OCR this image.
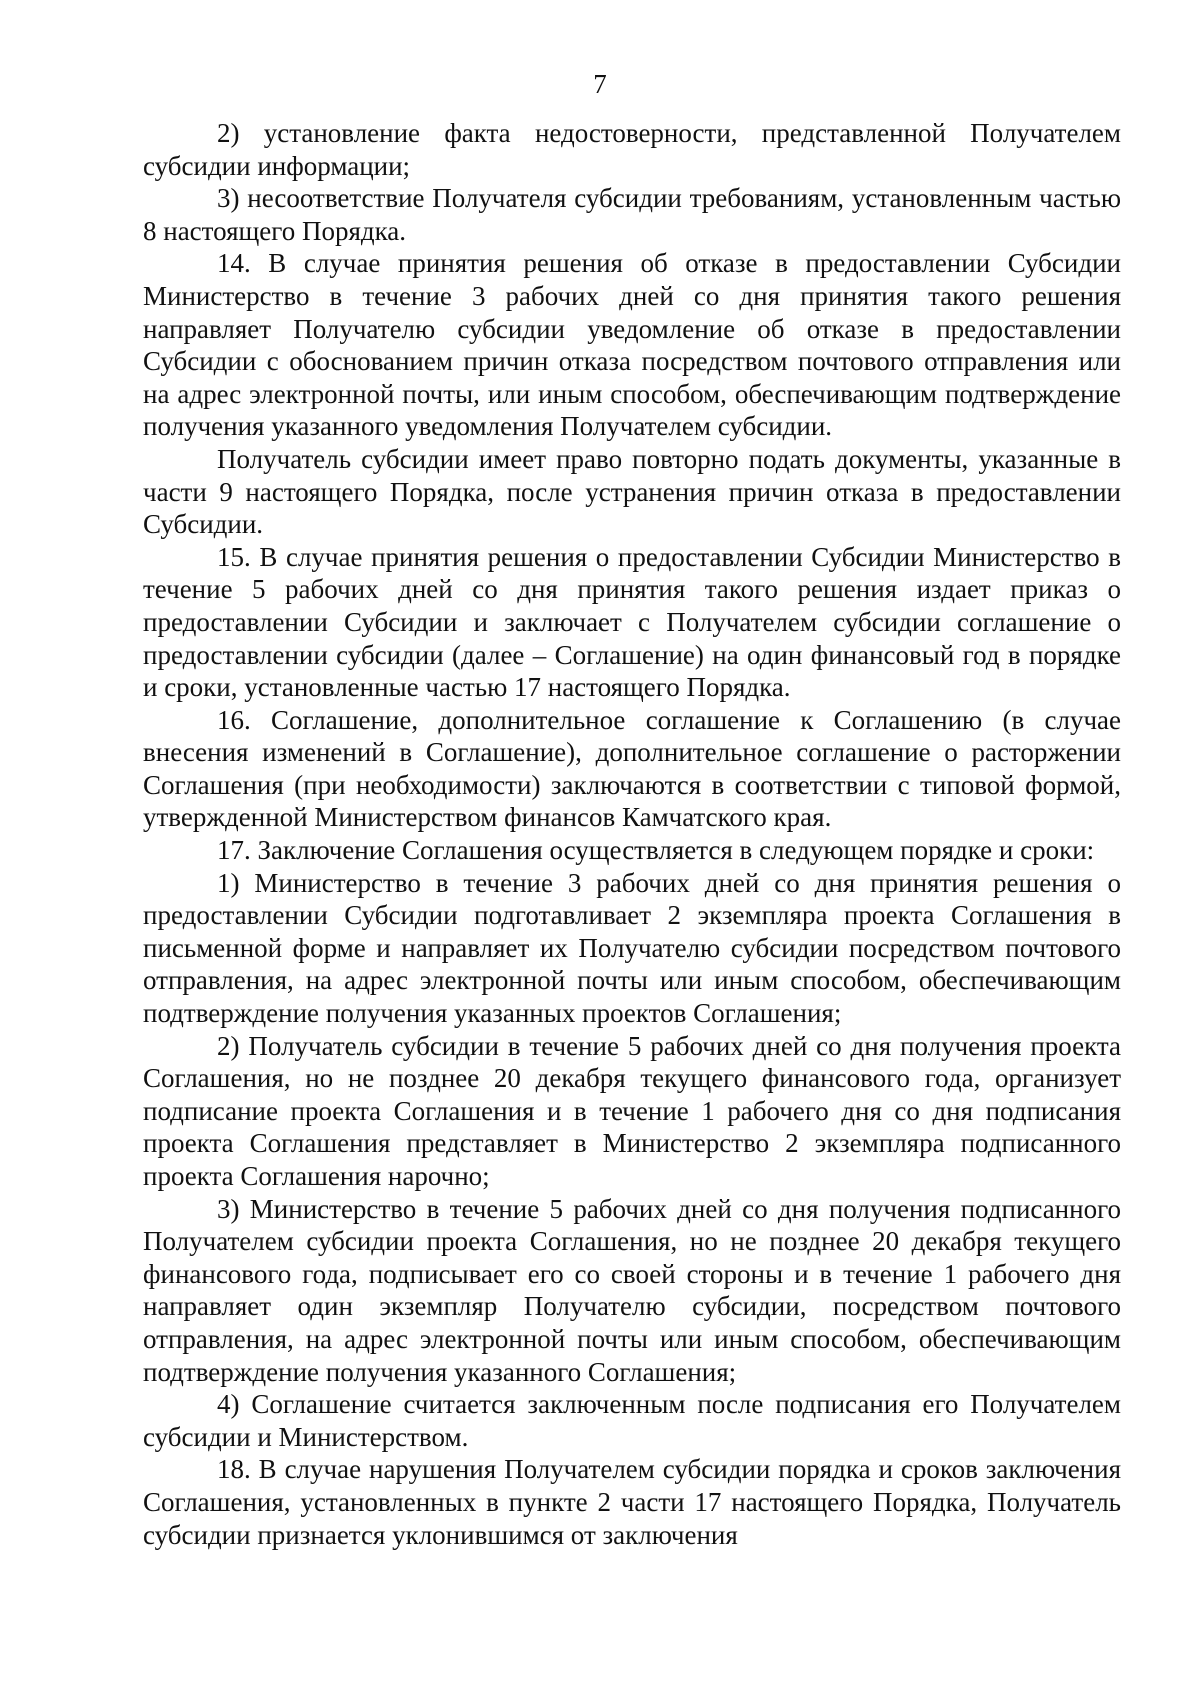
7

2) установление факта недостоверности, представленной Получателем субсидии информации;

3) несоответствие Получателя субсидии требованиям, установленным частью 8 настоящего Порядка.

14. В случае принятия решения об отказе в предоставлении Субсидии Министерство в течение 3 рабочих дней со дня принятия такого решения направляет Получателю субсидии уведомление об отказе в предоставлении Субсидии с обоснованием причин отказа посредством почтового отправления или на адрес электронной почты, или иным способом, обеспечивающим подтверждение получения указанного уведомления Получателем субсидии.

Получатель субсидии имеет право повторно подать документы, указанные в части 9 настоящего Порядка, после устранения причин отказа в предоставлении Субсидии.

15. В случае принятия решения о предоставлении Субсидии Министерство в течение 5 рабочих дней со дня принятия такого решения издает приказ о предоставлении Субсидии и заключает с Получателем субсидии соглашение о предоставлении субсидии (далее – Соглашение) на один финансовый год в порядке и сроки, установленные частью 17 настоящего Порядка.

16. Соглашение, дополнительное соглашение к Соглашению (в случае внесения изменений в Соглашение), дополнительное соглашение о расторжении Соглашения (при необходимости) заключаются в соответствии с типовой формой, утвержденной Министерством финансов Камчатского края.

17. Заключение Соглашения осуществляется в следующем порядке и сроки:

1) Министерство в течение 3 рабочих дней со дня принятия решения о предоставлении Субсидии подготавливает 2 экземпляра проекта Соглашения в письменной форме и направляет их Получателю субсидии посредством почтового отправления, на адрес электронной почты или иным способом, обеспечивающим подтверждение получения указанных проектов Соглашения;

2) Получатель субсидии в течение 5 рабочих дней со дня получения проекта Соглашения, но не позднее 20 декабря текущего финансового года, организует подписание проекта Соглашения и в течение 1 рабочего дня со дня подписания проекта Соглашения представляет в Министерство 2 экземпляра подписанного проекта Соглашения нарочно;

3) Министерство в течение 5 рабочих дней со дня получения подписанного Получателем субсидии проекта Соглашения, но не позднее 20 декабря текущего финансового года, подписывает его со своей стороны и в течение 1 рабочего дня направляет один экземпляр Получателю субсидии, посредством почтового отправления, на адрес электронной почты или иным способом, обеспечивающим подтверждение получения указанного Соглашения;

4) Соглашение считается заключенным после подписания его Получателем субсидии и Министерством.

18. В случае нарушения Получателем субсидии порядка и сроков заключения Соглашения, установленных в пункте 2 части 17 настоящего Порядка, Получатель субсидии признается уклонившимся от заключения
